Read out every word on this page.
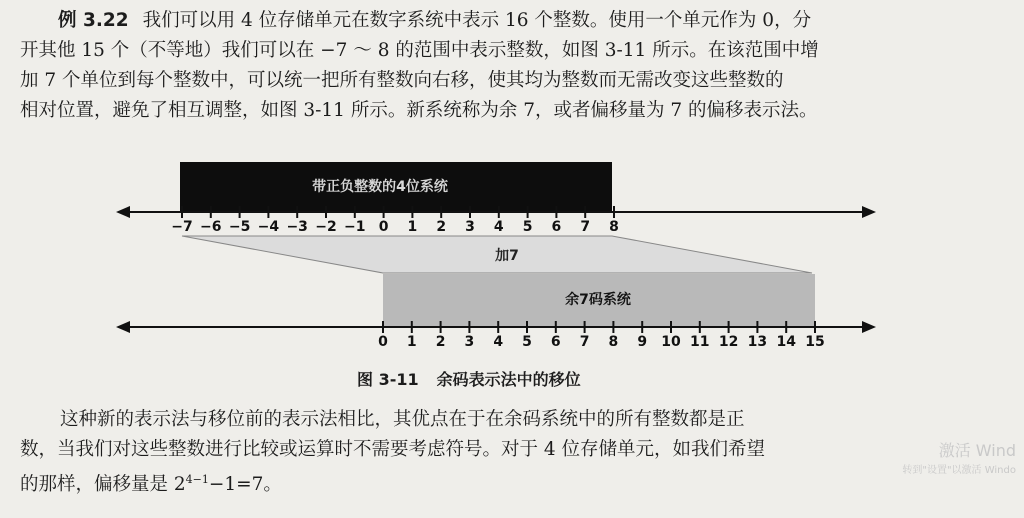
例 3.22 我们可以用 4 位存储单元在数字系统中表示 16 个整数。使用一个单元作为 0，分
开其他 15 个（不等地）我们可以在 −7 ～ 8 的范围中表示整数，如图 3-11 所示。在该范围中增
加 7 个单位到每个整数中，可以统一把所有整数向右移，使其均为整数而无需改变这些整数的
相对位置，避免了相互调整，如图 3-11 所示。新系统称为余 7，或者偏移量为 7 的偏移表示法。

带正负整数的4位系统
−7 −6 −5 −4 −3 −2 −1 0 1 2 3 4 5 6 7 8
加7
余7码系统
0 1 2 3 4 5 6 7 8 9 10 11 12 13 14 15
图 3-11 余码表示法中的移位

这种新的表示法与移位前的表示法相比，其优点在于在余码系统中的所有整数都是正
数，当我们对这些整数进行比较或运算时不需要考虑符号。对于 4 位存储单元，如我们希望
的那样，偏移量是 $2^{4-1}-1=7$。

激活 Wind
转到"设置"以激活 Windo
